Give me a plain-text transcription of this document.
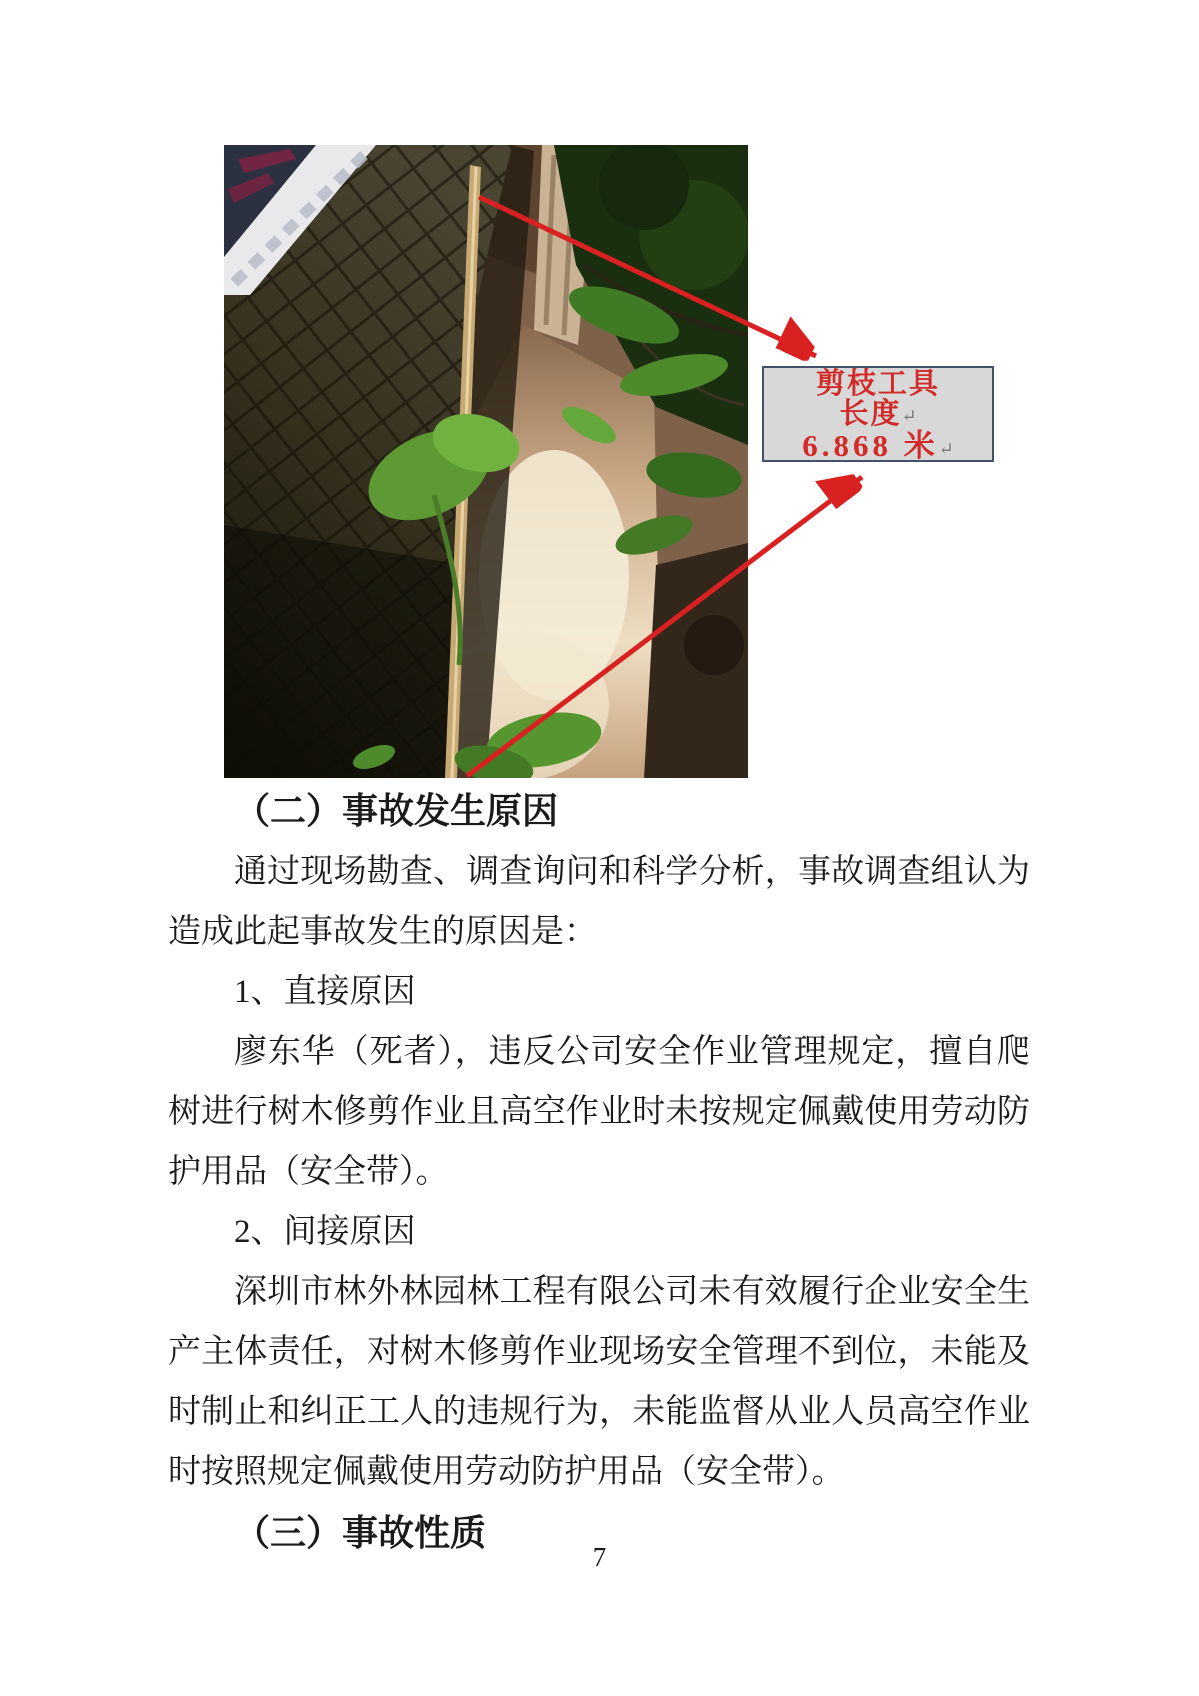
剪枝工具
长度↵
6.868 米↵

（二）事故发生原因

通过现场勘查、调查询问和科学分析，事故调查组认为造成此起事故发生的原因是：

1、直接原因

廖东华（死者），违反公司安全作业管理规定，擅自爬树进行树木修剪作业且高空作业时未按规定佩戴使用劳动防护用品（安全带）。

2、间接原因

深圳市林外林园林工程有限公司未有效履行企业安全生产主体责任，对树木修剪作业现场安全管理不到位，未能及时制止和纠正工人的违规行为，未能监督从业人员高空作业时按照规定佩戴使用劳动防护用品（安全带）。

（三）事故性质

7
